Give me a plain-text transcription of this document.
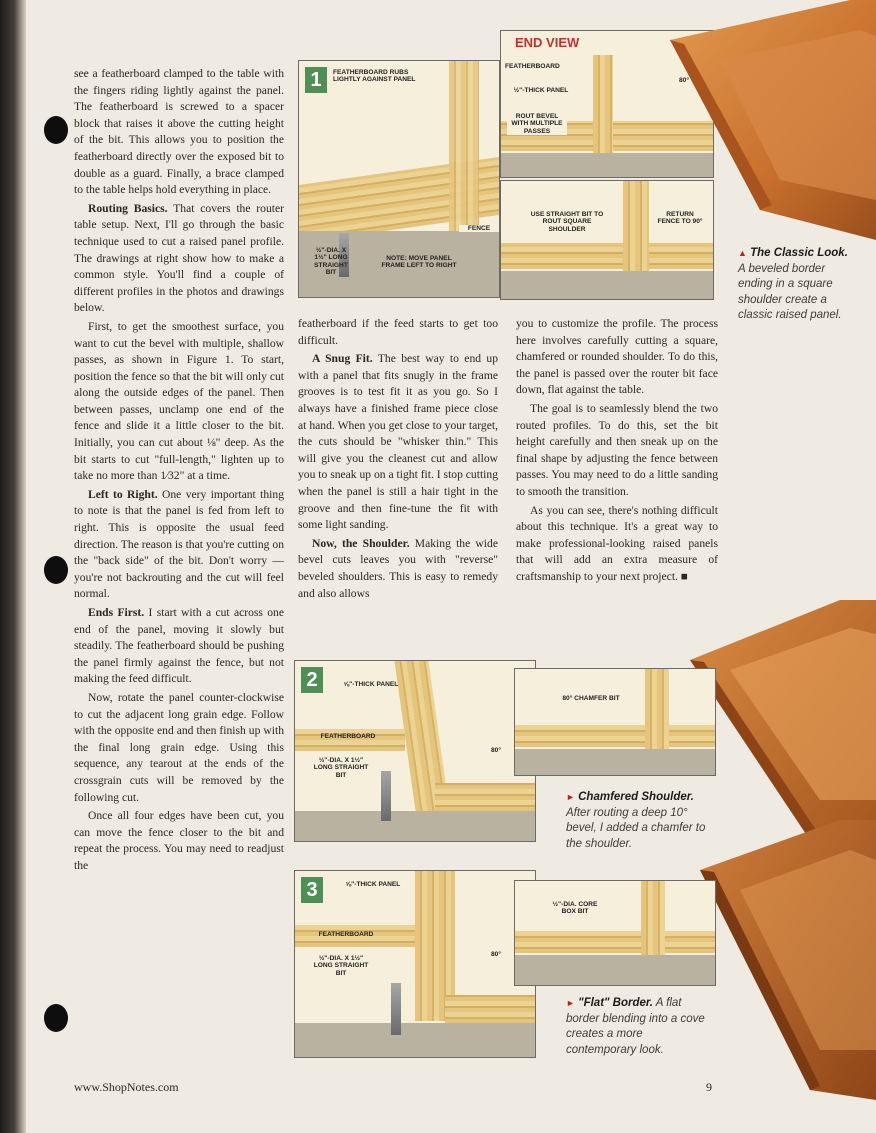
see a featherboard clamped to the table with the fingers riding lightly against the panel. The featherboard is screwed to a spacer block that raises it above the cutting height of the bit. This allows you to position the featherboard directly over the exposed bit to double as a guard. Finally, a brace clamped to the table helps hold everything in place.

Routing Basics. That covers the router table setup. Next, I'll go through the basic technique used to cut a raised panel profile. The drawings at right show how to make a common style. You'll find a couple of different profiles in the photos and drawings below.

First, to get the smoothest surface, you want to cut the bevel with multiple, shallow passes, as shown in Figure 1. To start, position the fence so that the bit will only cut along the outside edges of the panel. Then between passes, unclamp one end of the fence and slide it a little closer to the bit. Initially, you can cut about ⅛" deep. As the bit starts to cut "full-length," lighten up to take no more than 1⁄32" at a time.

Left to Right. One very important thing to note is that the panel is fed from left to right. This is opposite the usual feed direction. The reason is that you're cutting on the "back side" of the bit. Don't worry — you're not backrouting and the cut will feel normal.

Ends First. I start with a cut across one end of the panel, moving it slowly but steadily. The featherboard should be pushing the panel firmly against the fence, but not making the feed difficult.

Now, rotate the panel counter-clockwise to cut the adjacent long grain edge. Follow with the opposite end and then finish up with the final long grain edge. Using this sequence, any tearout at the ends of the crossgrain cuts will be removed by the following cut.

Once all four edges have been cut, you can move the fence closer to the bit and repeat the process. You may need to readjust the

1	FEATHERBOARD RUBS LIGHTLY AGAINST PANEL
FENCE
½"-DIA. X 1½" LONG STRAIGHT BIT
NOTE: MOVE PANEL FRAME LEFT TO RIGHT
END VIEW
FEATHERBOARD
½"-THICK PANEL
ROUT BEVEL WITH MULTIPLE PASSES
80°
USE STRAIGHT BIT TO ROUT SQUARE SHOULDER
RETURN FENCE TO 90°
▲ The Classic Look. A beveled border ending in a square shoulder create a classic raised panel.

featherboard if the feed starts to get too difficult.

A Snug Fit. The best way to end up with a panel that fits snugly in the frame grooves is to test fit it as you go. So I always have a finished frame piece close at hand. When you get close to your target, the cuts should be "whisker thin." This will give you the cleanest cut and allow you to sneak up on a tight fit. I stop cutting when the panel is still a hair tight in the groove and then fine-tune the fit with some light sanding.

Now, the Shoulder. Making the wide bevel cuts leaves you with "reverse" beveled shoulders. This is easy to remedy and also allows

you to customize the profile. The process here involves carefully cutting a square, chamfered or rounded shoulder. To do this, the panel is passed over the router bit face down, flat against the table.

The goal is to seamlessly blend the two routed profiles. To do this, set the bit height carefully and then sneak up on the final shape by adjusting the fence between passes. You may need to do a little sanding to smooth the transition.

As you can see, there's nothing difficult about this technique. It's a great way to make professional-looking raised panels that will add an extra measure of craftsmanship to your next project. ■

2	⅝"-THICK PANEL
FEATHERBOARD
½"-DIA. X 1½" LONG STRAIGHT BIT
80°
80° CHAMFER BIT
► Chamfered Shoulder. After routing a deep 10° bevel, I added a chamfer to the shoulder.
3	⅝"-THICK PANEL
FEATHERBOARD
½"-DIA. X 1½" LONG STRAIGHT BIT
80°
½"-DIA. CORE BOX BIT
► "Flat" Border. A flat border blending into a cove creates a more contemporary look.
www.ShopNotes.com	9
